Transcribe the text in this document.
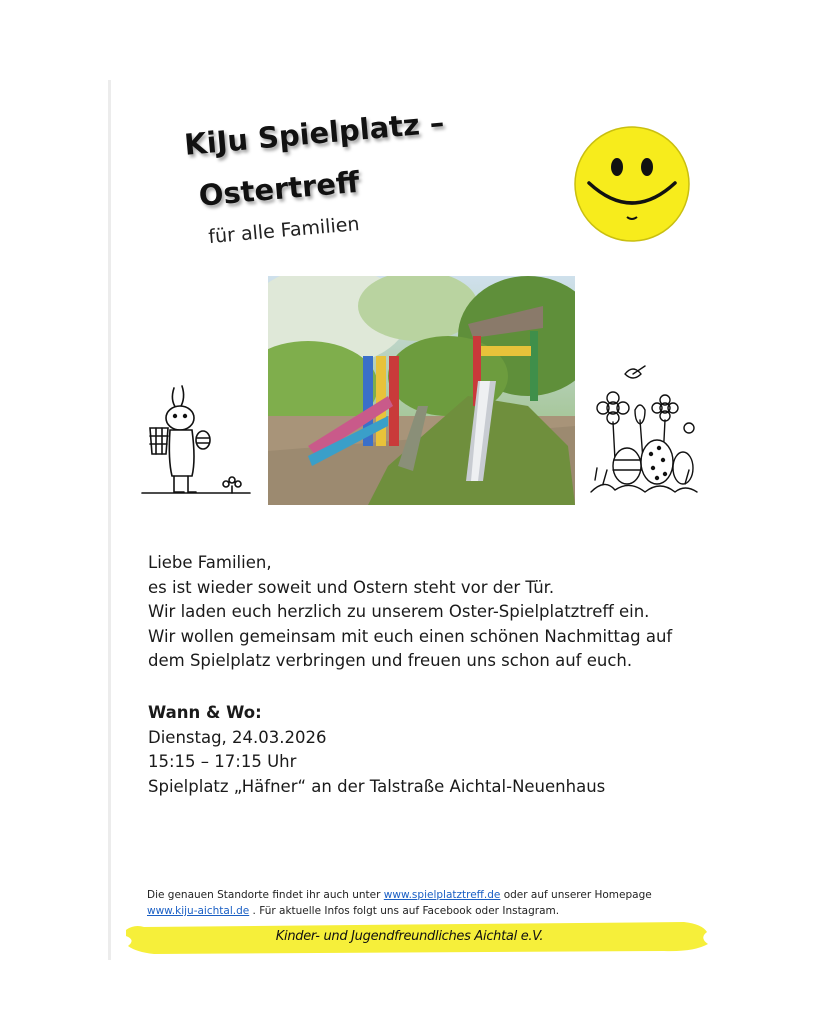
KiJu Spielplatz –
Ostertreff
für alle Familien
Liebe Familien,
es ist wieder soweit und Ostern steht vor der Tür.
Wir laden euch herzlich zu unserem Oster-Spielplatztreff ein.
Wir wollen gemeinsam mit euch einen schönen Nachmittag auf
dem Spielplatz verbringen und freuen uns schon auf euch.
Wann & Wo:
Dienstag, 24.03.2026
15:15 – 17:15 Uhr
Spielplatz „Häfner“ an der Talstraße Aichtal-Neuenhaus
Die genauen Standorte findet ihr auch unter www.spielplatztreff.de oder auf unserer Homepage
www.kiju-aichtal.de . Für aktuelle Infos folgt uns auf Facebook oder Instagram.
Kinder- und Jugendfreundliches Aichtal e.V.
